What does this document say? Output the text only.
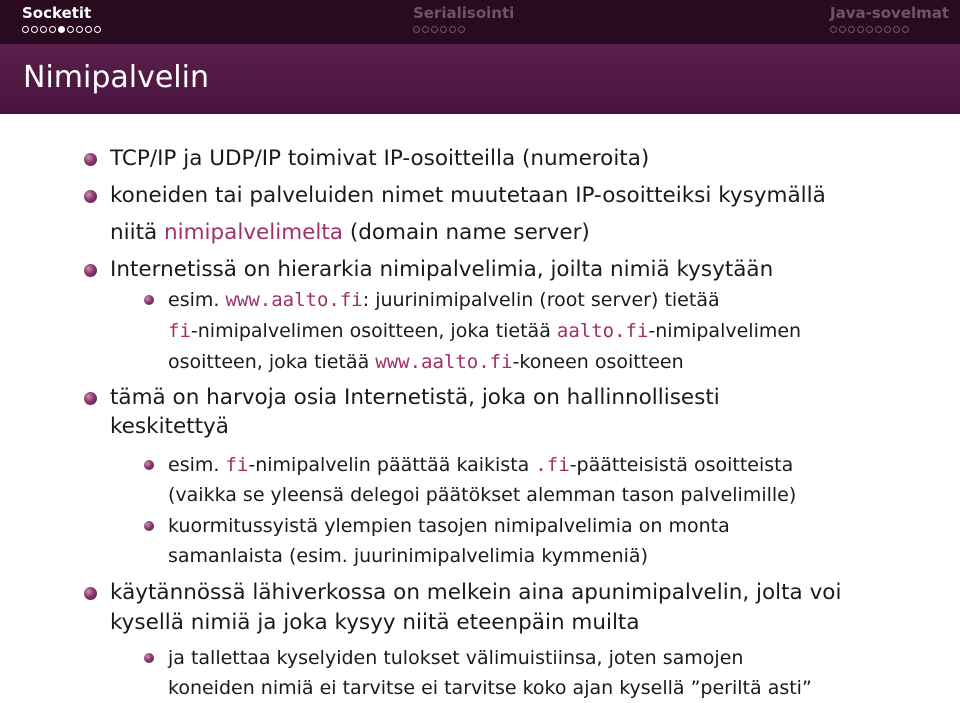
Socketit	Serialisointi	Java-sovelmat
Nimipalvelin
TCP/IP ja UDP/IP toimivat IP-osoitteilla (numeroita)
koneiden tai palveluiden nimet muutetaan IP-osoitteiksi kysymällä
niitä nimipalvelimelta (domain name server)
Internetissä on hierarkia nimipalvelimia, joilta nimiä kysytään
esim. www.aalto.fi: juurinimipalvelin (root server) tietää
fi-nimipalvelimen osoitteen, joka tietää aalto.fi-nimipalvelimen
osoitteen, joka tietää www.aalto.fi-koneen osoitteen
tämä on harvoja osia Internetistä, joka on hallinnollisesti
keskitettyä
esim. fi-nimipalvelin päättää kaikista .fi-päätteisistä osoitteista
(vaikka se yleensä delegoi päätökset alemman tason palvelimille)
kuormitussyistä ylempien tasojen nimipalvelimia on monta
samanlaista (esim. juurinimipalvelimia kymmeniä)
käytännössä lähiverkossa on melkein aina apunimipalvelin, jolta voi
kysellä nimiä ja joka kysyy niitä eteenpäin muilta
ja tallettaa kyselyiden tulokset välimuistiinsa, joten samojen
koneiden nimiä ei tarvitse ei tarvitse koko ajan kysellä ”periltä asti”
